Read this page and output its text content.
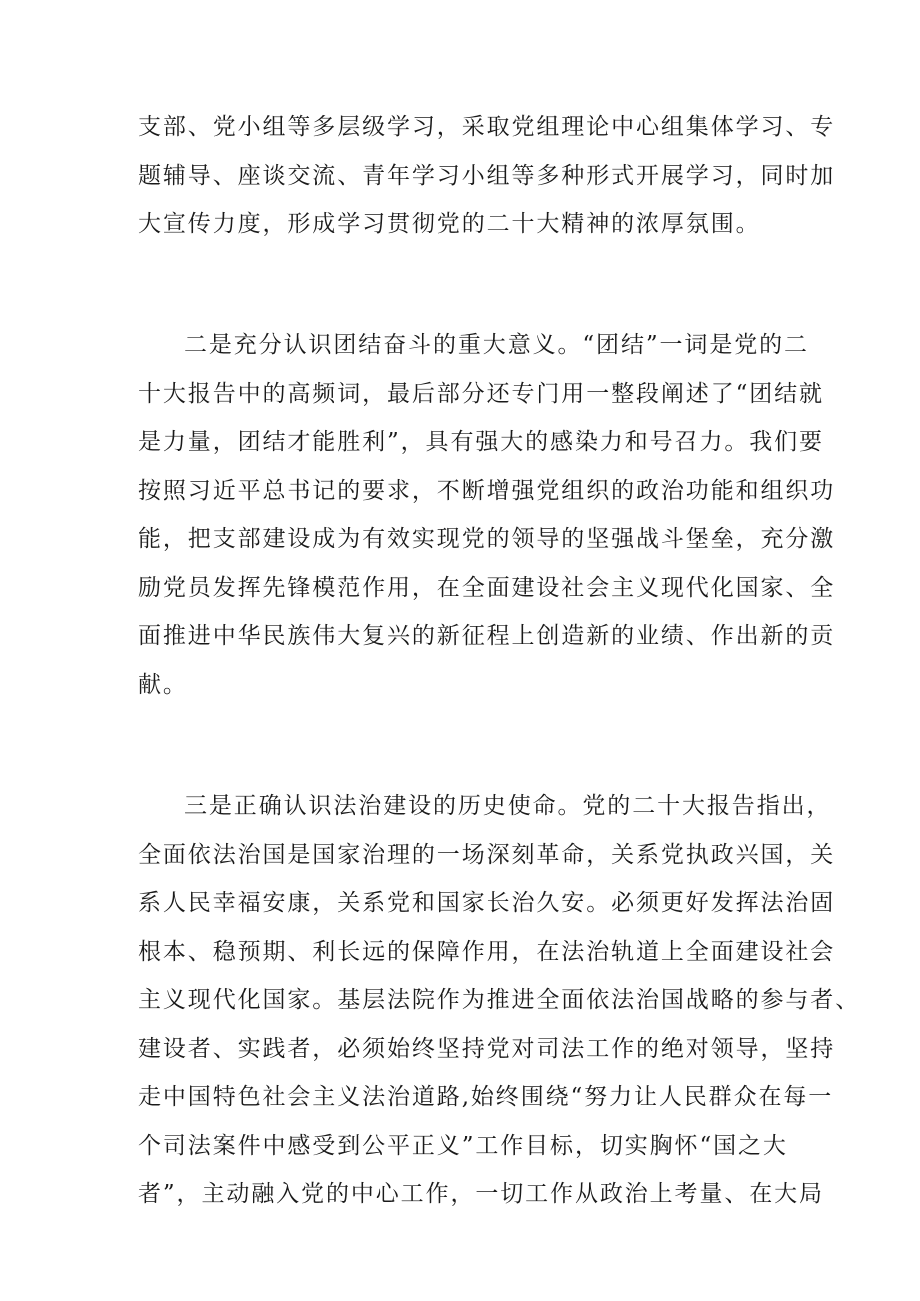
支部、党小组等多层级学习，采取党组理论中心组集体学习、专

题辅导、座谈交流、青年学习小组等多种形式开展学习，同时加

大宣传力度，形成学习贯彻党的二十大精神的浓厚氛围。

二是充分认识团结奋斗的重大意义。“团结”一词是党的二

十大报告中的高频词，最后部分还专门用一整段阐述了“团结就

是力量，团结才能胜利”，具有强大的感染力和号召力。我们要

按照习近平总书记的要求，不断增强党组织的政治功能和组织功

能，把支部建设成为有效实现党的领导的坚强战斗堡垒，充分激

励党员发挥先锋模范作用，在全面建设社会主义现代化国家、全

面推进中华民族伟大复兴的新征程上创造新的业绩、作出新的贡

献。

三是正确认识法治建设的历史使命。党的二十大报告指出，

全面依法治国是国家治理的一场深刻革命，关系党执政兴国，关

系人民幸福安康，关系党和国家长治久安。必须更好发挥法治固

根本、稳预期、利长远的保障作用，在法治轨道上全面建设社会

主义现代化国家。基层法院作为推进全面依法治国战略的参与者、

建设者、实践者，必须始终坚持党对司法工作的绝对领导，坚持

走中国特色社会主义法治道路,始终围绕“努力让人民群众在每一

个司法案件中感受到公平正义”工作目标，切实胸怀“国之大

者”，主动融入党的中心工作，一切工作从政治上考量、在大局
